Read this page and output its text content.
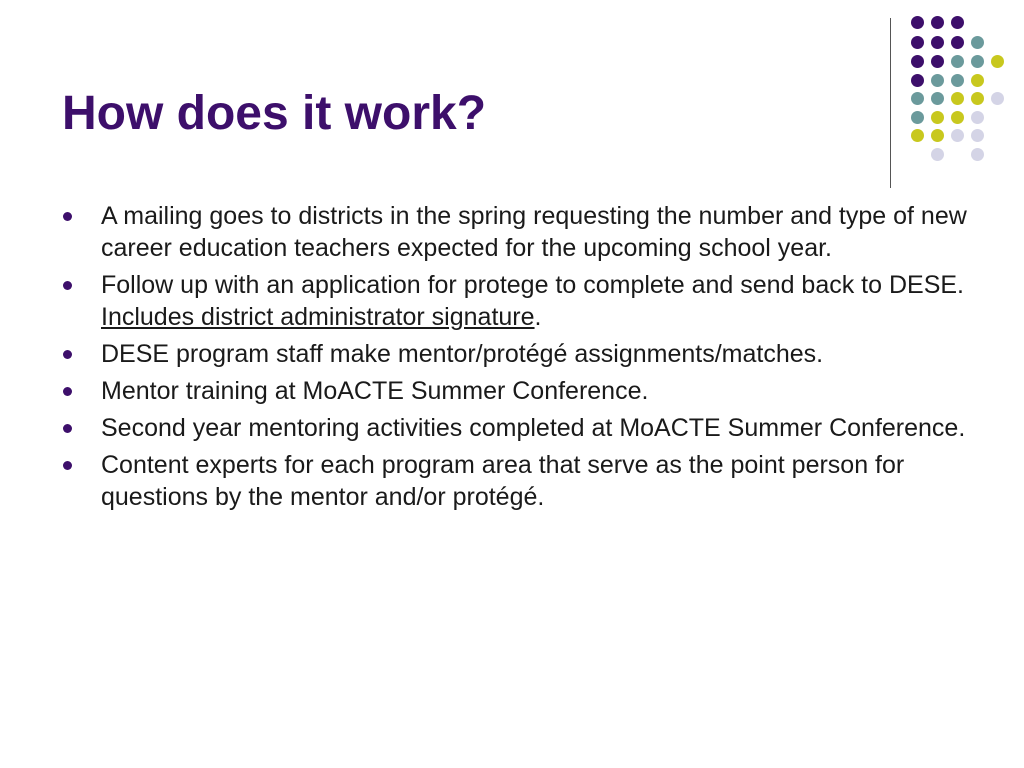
How does it work?
A mailing goes to districts in the spring requesting the number and type of new career education teachers expected for the upcoming school year.
Follow up with an application for protege to complete and send back to DESE.  Includes district administrator signature.
DESE program staff make mentor/protégé assignments/matches.
Mentor training at MoACTE Summer Conference.
Second year mentoring activities completed at MoACTE Summer Conference.
Content experts for each program area that serve as the point person for questions by the mentor and/or protégé.
